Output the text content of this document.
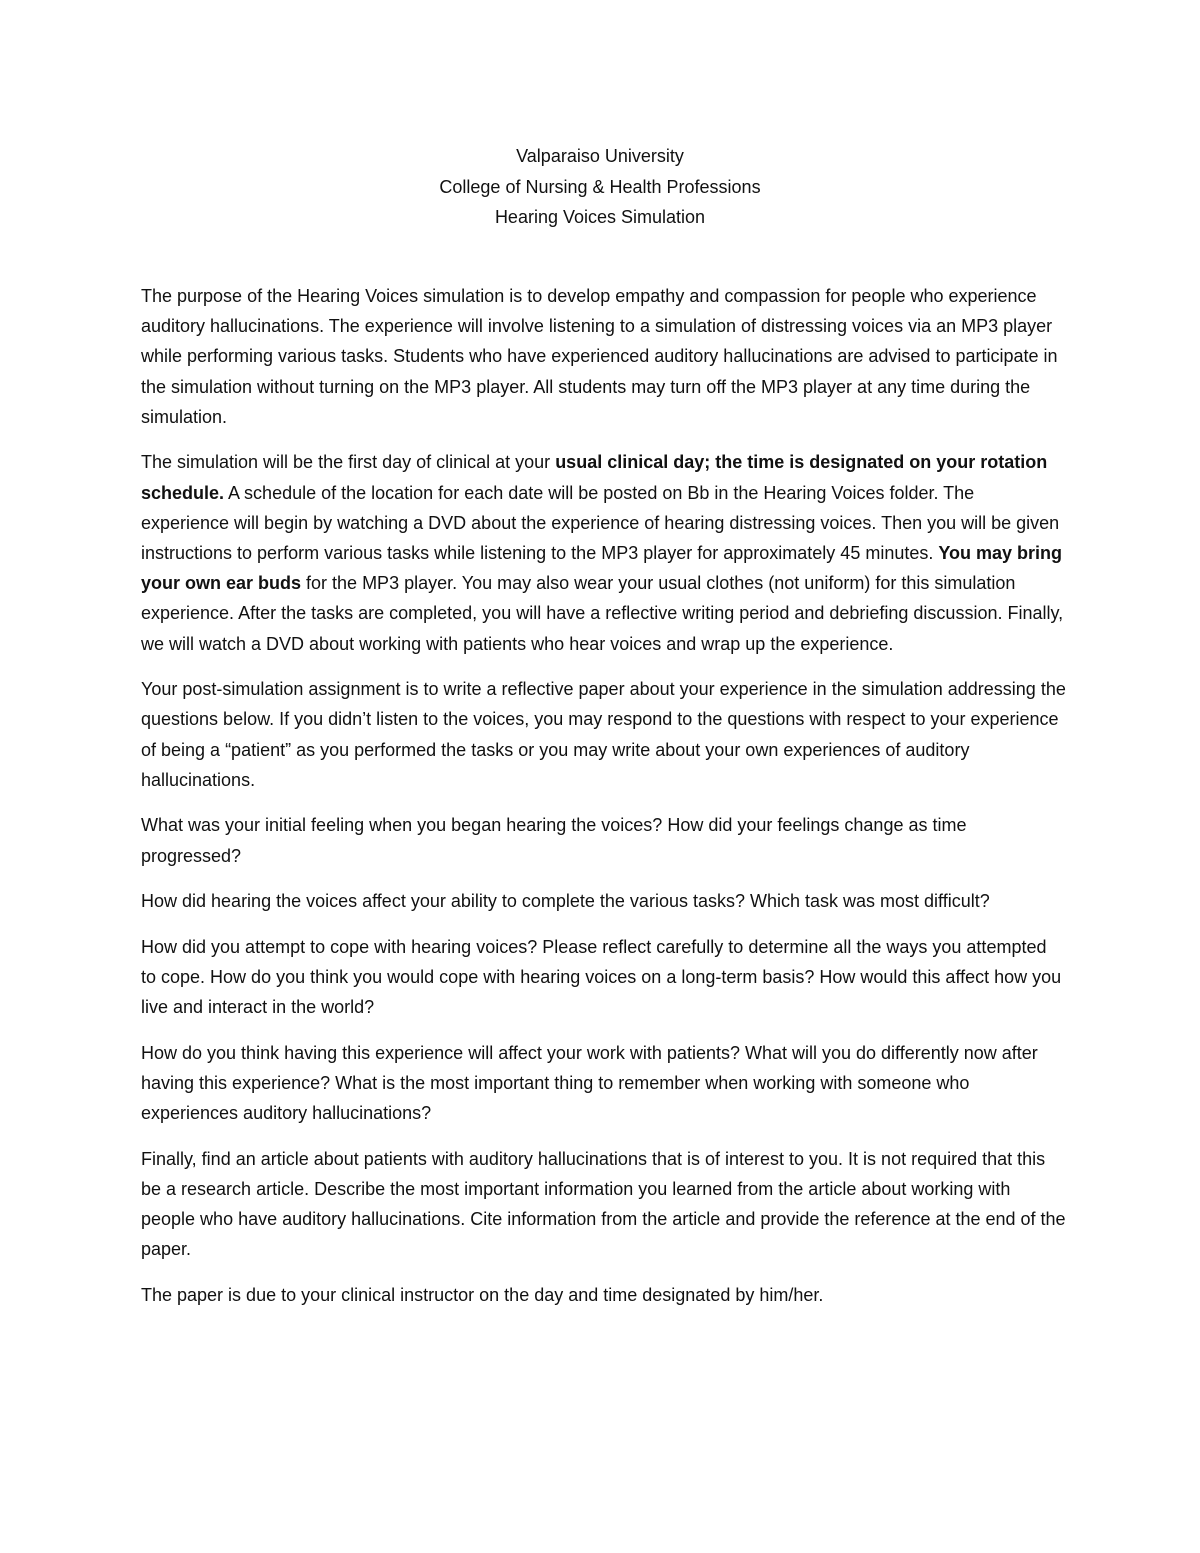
Valparaiso University
College of Nursing & Health Professions
Hearing Voices Simulation

The purpose of the Hearing Voices simulation is to develop empathy and compassion for people who experience auditory hallucinations. The experience will involve listening to a simulation of distressing voices via an MP3 player while performing various tasks. Students who have experienced auditory hallucinations are advised to participate in the simulation without turning on the MP3 player. All students may turn off the MP3 player at any time during the simulation.

The simulation will be the first day of clinical at your usual clinical day; the time is designated on your rotation schedule. A schedule of the location for each date will be posted on Bb in the Hearing Voices folder. The experience will begin by watching a DVD about the experience of hearing distressing voices. Then you will be given instructions to perform various tasks while listening to the MP3 player for approximately 45 minutes. You may bring your own ear buds for the MP3 player. You may also wear your usual clothes (not uniform) for this simulation experience. After the tasks are completed, you will have a reflective writing period and debriefing discussion. Finally, we will watch a DVD about working with patients who hear voices and wrap up the experience.

Your post-simulation assignment is to write a reflective paper about your experience in the simulation addressing the questions below. If you didn’t listen to the voices, you may respond to the questions with respect to your experience of being a “patient” as you performed the tasks or you may write about your own experiences of auditory hallucinations.

What was your initial feeling when you began hearing the voices? How did your feelings change as time progressed?

How did hearing the voices affect your ability to complete the various tasks? Which task was most difficult?

How did you attempt to cope with hearing voices? Please reflect carefully to determine all the ways you attempted to cope. How do you think you would cope with hearing voices on a long-term basis? How would this affect how you live and interact in the world?

How do you think having this experience will affect your work with patients? What will you do differently now after having this experience? What is the most important thing to remember when working with someone who experiences auditory hallucinations?

Finally, find an article about patients with auditory hallucinations that is of interest to you. It is not required that this be a research article. Describe the most important information you learned from the article about working with people who have auditory hallucinations. Cite information from the article and provide the reference at the end of the paper.

The paper is due to your clinical instructor on the day and time designated by him/her.
